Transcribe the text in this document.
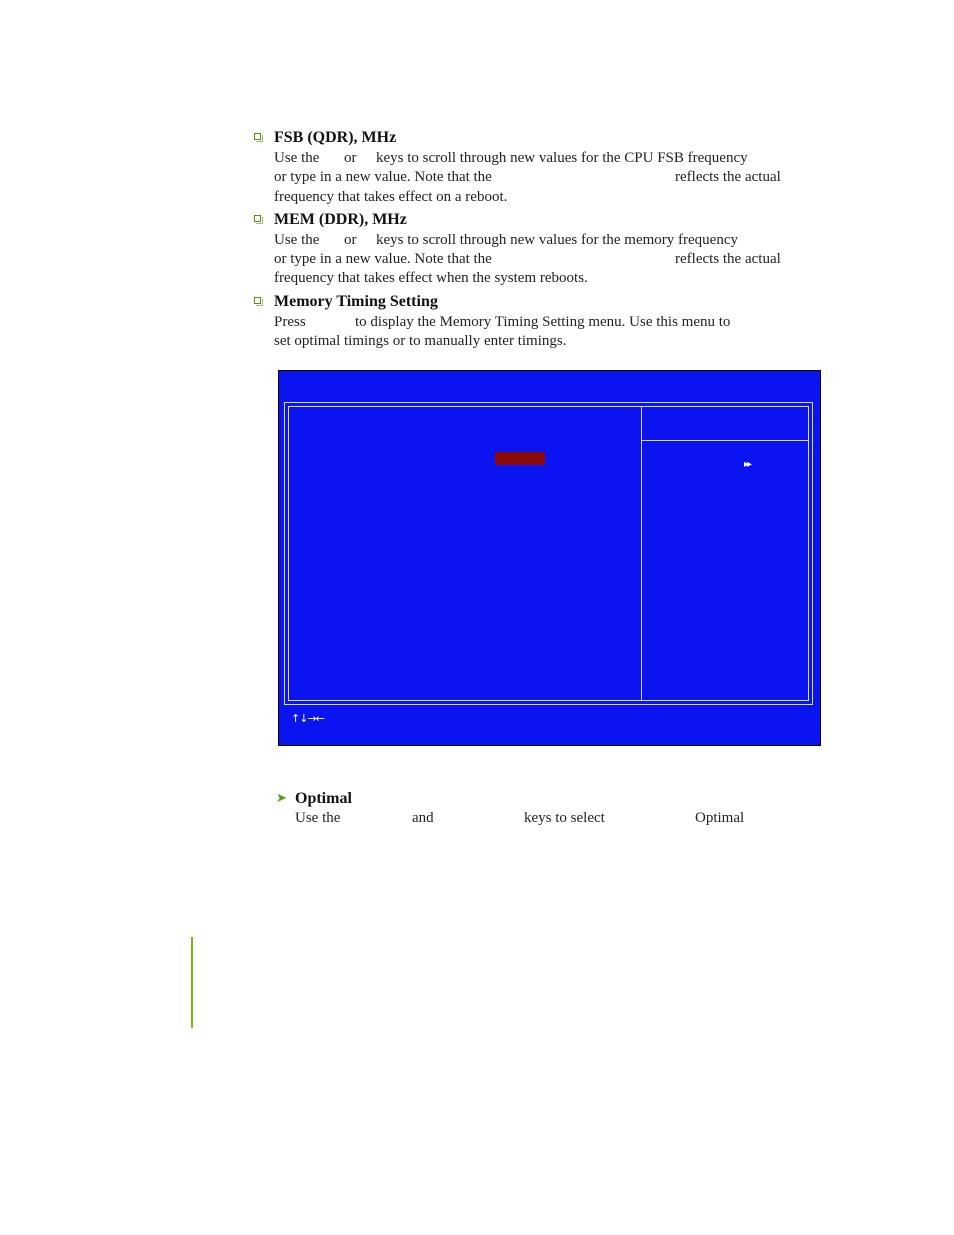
FSB (QDR), MHz
Use the or keys to scroll through new values for the CPU FSB frequency
or type in a new value. Note that the	reflects the actual
frequency that takes effect on a reboot.
MEM (DDR), MHz
Use the or keys to scroll through new values for the memory frequency
or type in a new value. Note that the	reflects the actual
frequency that takes effect when the system reboots.
Memory Timing Setting
Press	to display the Memory Timing Setting menu. Use this menu to
set optimal timings or to manually enter timings.
▸▸
↑↓→←
➤ Optimal
Use the	and	keys to select	Optimal
